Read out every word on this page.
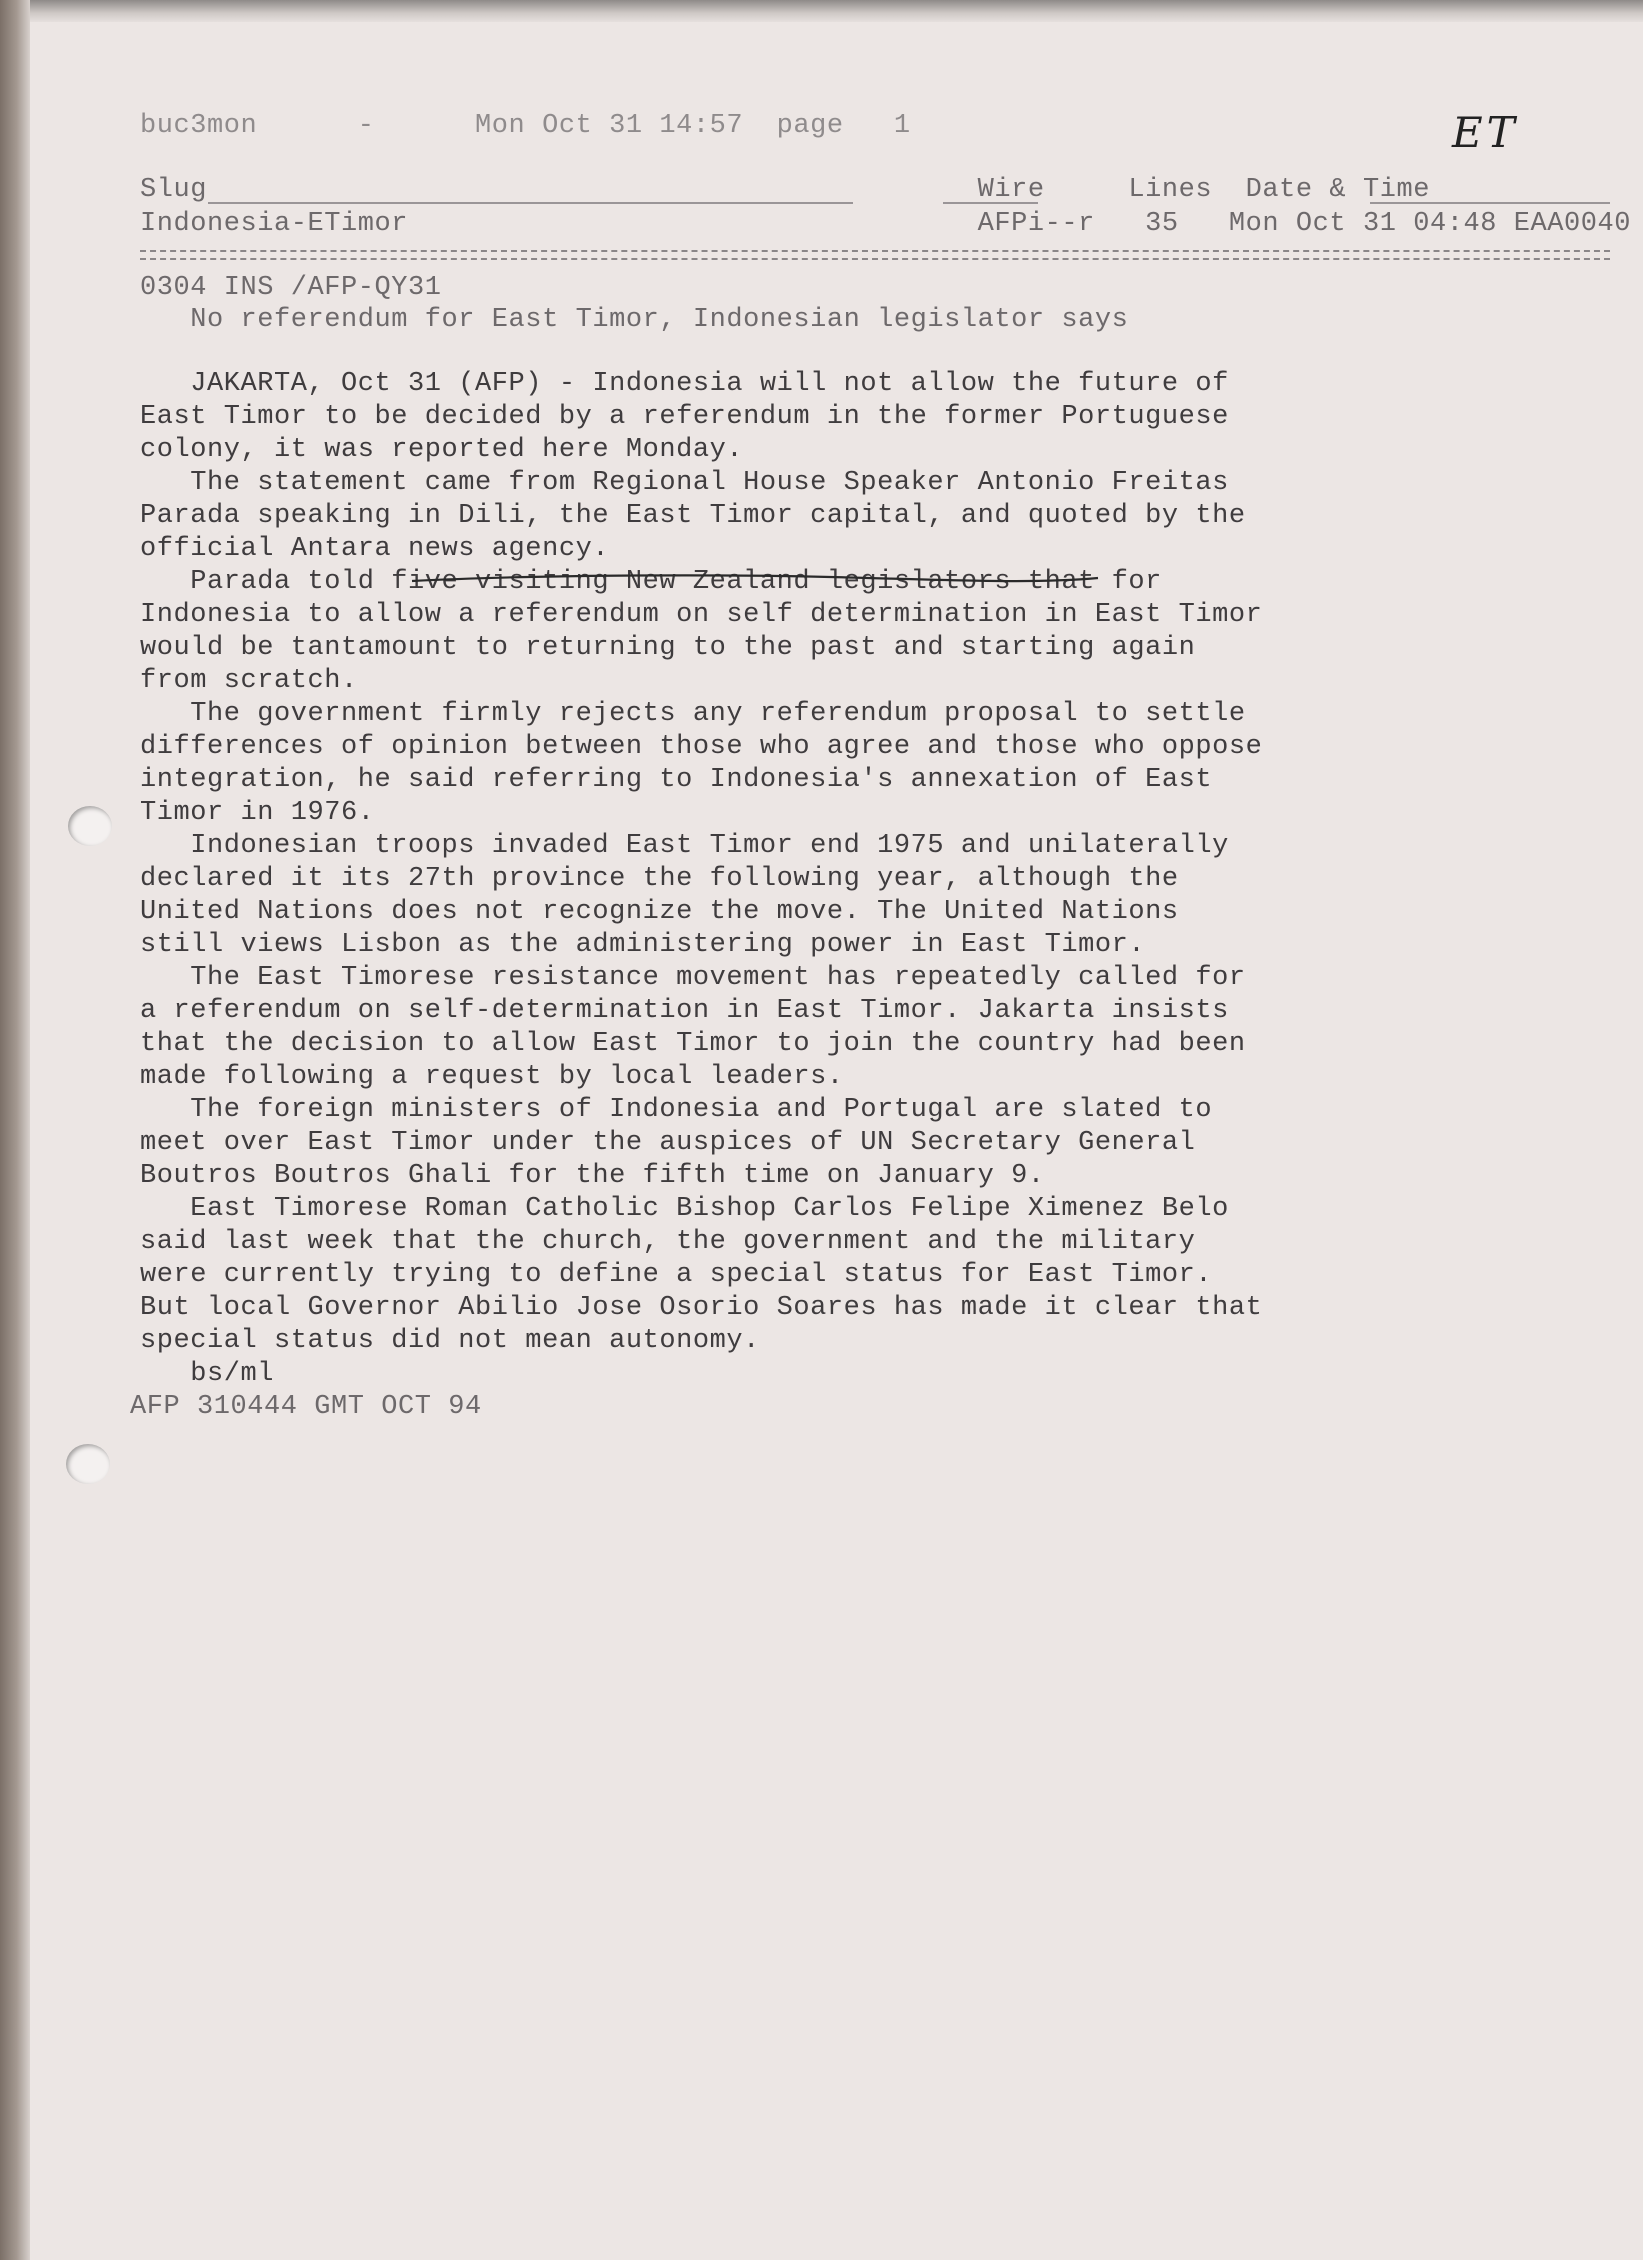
buc3mon      -      Mon Oct 31 14:57  page   1	ET
Slug                                              Wire     Lines  Date & Time
Indonesia-ETimor                                  AFPi--r   35   Mon Oct 31 04:48 EAA0040
0304 INS /AFP-QY31
No referendum for East Timor, Indonesian legislator says
JAKARTA, Oct 31 (AFP) - Indonesia will not allow the future of
East Timor to be decided by a referendum in the former Portuguese
colony, it was reported here Monday.
The statement came from Regional House Speaker Antonio Freitas
Parada speaking in Dili, the East Timor capital, and quoted by the
official Antara news agency.
Parada told five visiting New Zealand legislators that for
Indonesia to allow a referendum on self determination in East Timor
would be tantamount to returning to the past and starting again
from scratch.
The government firmly rejects any referendum proposal to settle
differences of opinion between those who agree and those who oppose
integration, he said referring to Indonesia's annexation of East
Timor in 1976.
Indonesian troops invaded East Timor end 1975 and unilaterally
declared it its 27th province the following year, although the
United Nations does not recognize the move. The United Nations
still views Lisbon as the administering power in East Timor.
The East Timorese resistance movement has repeatedly called for
a referendum on self-determination in East Timor. Jakarta insists
that the decision to allow East Timor to join the country had been
made following a request by local leaders.
The foreign ministers of Indonesia and Portugal are slated to
meet over East Timor under the auspices of UN Secretary General
Boutros Boutros Ghali for the fifth time on January 9.
East Timorese Roman Catholic Bishop Carlos Felipe Ximenez Belo
said last week that the church, the government and the military
were currently trying to define a special status for East Timor.
But local Governor Abilio Jose Osorio Soares has made it clear that
special status did not mean autonomy.
bs/ml
AFP 310444 GMT OCT 94
